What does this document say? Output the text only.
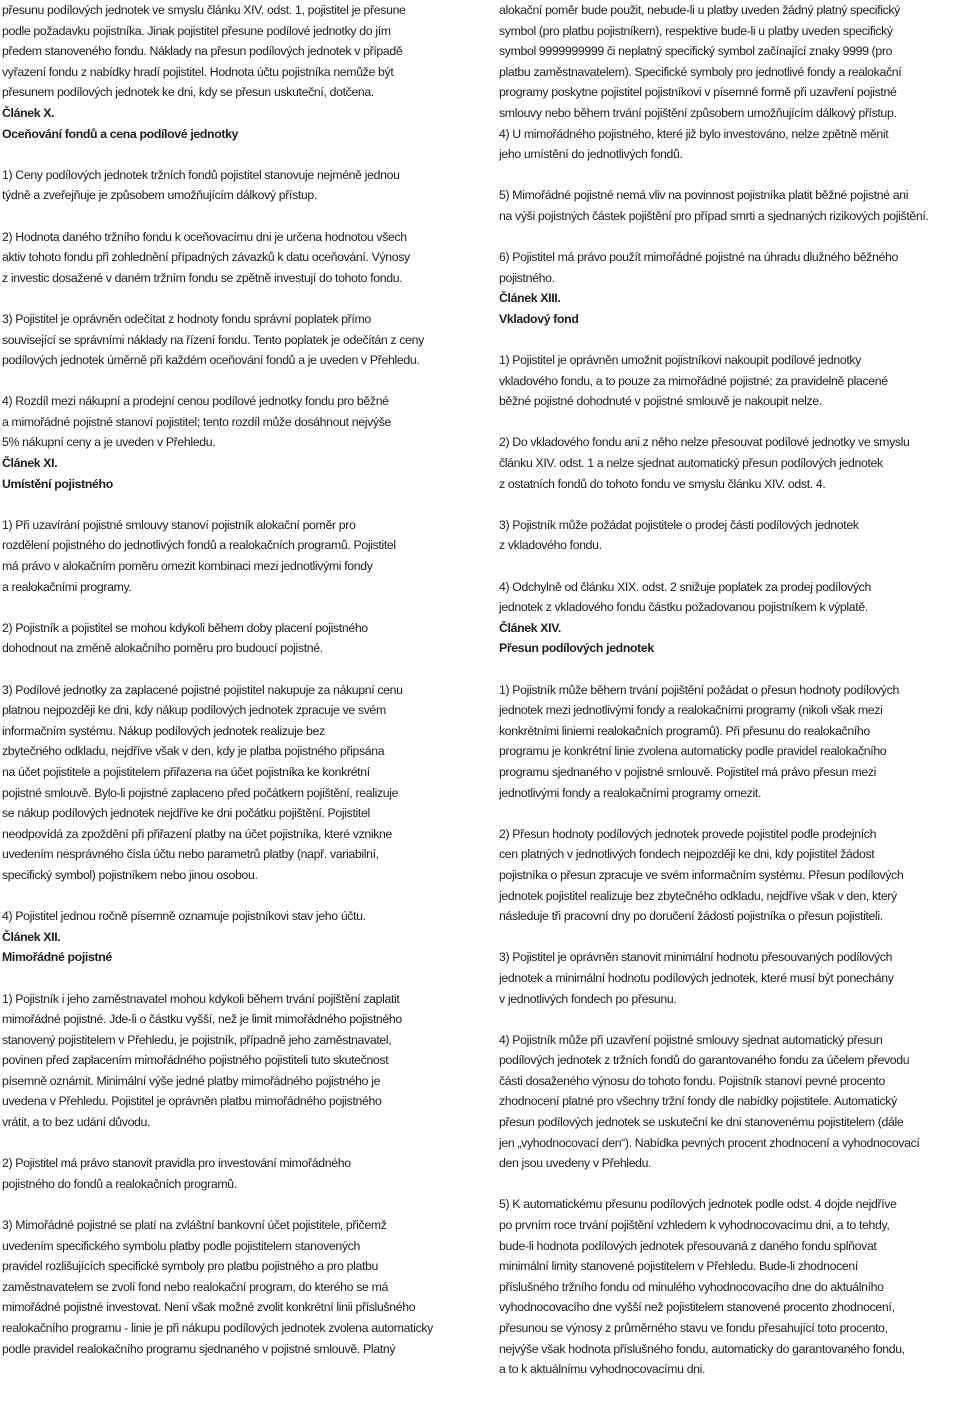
přesunu podílových jednotek ve smyslu článku XIV. odst. 1, pojistitel je přesune
podle požadavku pojistníka. Jinak pojistitel přesune podílové jednotky do jím
předem stanoveného fondu. Náklady na přesun podílových jednotek v případě
vyřazení fondu z nabídky hradí pojistitel. Hodnota účtu pojistníka nemůže být
přesunem podílových jednotek ke dni, kdy se přesun uskuteční, dotčena.

Článek X.

Oceňování fondů a cena podílové jednotky

1) Ceny podílových jednotek tržních fondů pojistitel stanovuje nejméně jednou
týdně a zveřejňuje je způsobem umožňujícím dálkový přístup.

2) Hodnota daného tržního fondu k oceňovacímu dni je určena hodnotou všech
aktiv tohoto fondu při zohlednění případných závazků k datu oceňování. Výnosy
z investic dosažené v daném tržním fondu se zpětně investují do tohoto fondu.

3) Pojistitel je oprávněn odečítat z hodnoty fondu správní poplatek přímo
související se správními náklady na řízení fondu. Tento poplatek je odečítán z ceny
podílových jednotek úměrně při každém oceňování fondů a je uveden v Přehledu.

4) Rozdíl mezi nákupní a prodejní cenou podílové jednotky fondu pro běžné
a mimořádné pojistné stanoví pojistitel; tento rozdíl může dosáhnout nejvýše
5% nákupní ceny a je uveden v Přehledu.

Článek XI.

Umístění pojistného

1) Při uzavírání pojistné smlouvy stanoví pojistník alokační poměr pro
rozdělení pojistného do jednotlivých fondů a realokačních programů. Pojistitel
má právo v alokačním poměru omezit kombinaci mezi jednotlivými fondy
a realokačními programy.

2) Pojistník a pojistitel se mohou kdykoli během doby placení pojistného
dohodnout na změně alokačního poměru pro budoucí pojistné.

3) Podílové jednotky za zaplacené pojistné pojistitel nakupuje za nákupní cenu
platnou nejpozději ke dni, kdy nákup podílových jednotek zpracuje ve svém
informačním systému. Nákup podílových jednotek realizuje bez
zbytečného odkladu, nejdříve však v den, kdy je platba pojistného připsána
na účet pojistitele a pojistitelem přiřazena na účet pojistníka ke konkrétní
pojistné smlouvě. Bylo-li pojistné zaplaceno před počátkem pojištění, realizuje
se nákup podílových jednotek nejdříve ke dni počátku pojištění. Pojistitel
neodpovídá za zpoždění při přiřazení platby na účet pojistníka, které vznikne
uvedením nesprávného čísla účtu nebo parametrů platby (např. variabilní,
specifický symbol) pojistníkem nebo jinou osobou.

4) Pojistitel jednou ročně písemně oznamuje pojistníkovi stav jeho účtu.

Článek XII.

Mimořádné pojistné

1) Pojistník i jeho zaměstnavatel mohou kdykoli během trvání pojištění zaplatit
mimořádné pojistné. Jde-li o částku vyšší, než je limit mimořádného pojistného
stanovený pojistitelem v Přehledu, je pojistník, případně jeho zaměstnavatel,
povinen před zaplacením mimořádného pojistného pojistiteli tuto skutečnost
písemně oznámit. Minimální výše jedné platby mimořádného pojistného je
uvedena v Přehledu. Pojistitel je oprávněn platbu mimořádného pojistného
vrátit, a to bez udání důvodu.

2) Pojistitel má právo stanovit pravidla pro investování mimořádného
pojistného do fondů a realokačních programů.

3) Mimořádné pojistné se platí na zvláštní bankovní účet pojistitele, přičemž
uvedením specifického symbolu platby podle pojistitelem stanovených
pravidel rozlišujících specifické symboly pro platbu pojistného a pro platbu
zaměstnavatelem se zvolí fond nebo realokační program, do kterého se má
mimořádné pojistné investovat. Není však možné zvolit konkrétní linii příslušného
realokačního programu - linie je při nákupu podílových jednotek zvolena automaticky
podle pravidel realokačního programu sjednaného v pojistné smlouvě. Platný

alokační poměr bude použit, nebude-li u platby uveden žádný platný specifický
symbol (pro platbu pojistníkem), respektive bude-li u platby uveden specifický
symbol 9999999999 či neplatný specifický symbol začínající znaky 9999 (pro
platbu zaměstnavatelem). Specifické symboly pro jednotlivé fondy a realokační
programy poskytne pojistitel pojistníkovi v písemné formě při uzavření pojistné
smlouvy nebo během trvání pojištění způsobem umožňujícím dálkový přístup.

4) U mimořádného pojistného, které již bylo investováno, nelze zpětně měnit
jeho umístění do jednotlivých fondů.

5) Mimořádné pojistné nemá vliv na povinnost pojistníka platit běžné pojistné ani
na výši pojistných částek pojištění pro případ smrti a sjednaných rizikových pojištění.

6) Pojistitel má právo použít mimořádné pojistné na úhradu dlužného běžného
pojistného.

Článek XIII.

Vkladový fond

1) Pojistitel je oprávněn umožnit pojistníkovi nakoupit podílové jednotky
vkladového fondu, a to pouze za mimořádné pojistné; za pravidelně placené
běžné pojistné dohodnuté v pojistné smlouvě je nakoupit nelze.

2) Do vkladového fondu ani z něho nelze přesouvat podílové jednotky ve smyslu
článku XIV. odst. 1 a nelze sjednat automatický přesun podílových jednotek
z ostatních fondů do tohoto fondu ve smyslu článku XIV. odst. 4.

3) Pojistník může požádat pojistitele o prodej části podílových jednotek
z vkladového fondu.

4) Odchylně od článku XIX. odst. 2 snižuje poplatek za prodej podílových
jednotek z vkladového fondu částku požadovanou pojistníkem k výplatě.

Článek XIV.

Přesun podílových jednotek

1) Pojistník může během trvání pojištění požádat o přesun hodnoty podílových
jednotek mezi jednotlivými fondy a realokačními programy (nikoli však mezi
konkrétními liniemi realokačních programů). Při přesunu do realokačního
programu je konkrétní linie zvolena automaticky podle pravidel realokačního
programu sjednaného v pojistné smlouvě. Pojistitel má právo přesun mezi
jednotlivými fondy a realokačními programy omezit.

2) Přesun hodnoty podílových jednotek provede pojistitel podle prodejních
cen platných v jednotlivých fondech nejpozději ke dni, kdy pojistitel žádost
pojistníka o přesun zpracuje ve svém informačním systému. Přesun podílových
jednotek pojistitel realizuje bez zbytečného odkladu, nejdříve však v den, který
následuje tři pracovní dny po doručení žádosti pojistníka o přesun pojistiteli.

3) Pojistitel je oprávněn stanovit minimální hodnotu přesouvaných podílových
jednotek a minimální hodnotu podílových jednotek, které musí být ponechány
v jednotlivých fondech po přesunu.

4) Pojistník může při uzavření pojistné smlouvy sjednat automatický přesun
podílových jednotek z tržních fondů do garantovaného fondu za účelem převodu
části dosaženého výnosu do tohoto fondu. Pojistník stanoví pevné procento
zhodnocení platné pro všechny tržní fondy dle nabídky pojistitele. Automatický
přesun podílových jednotek se uskuteční ke dni stanovenému pojistitelem (dále
jen „vyhodnocovací den“). Nabídka pevných procent zhodnocení a vyhodnocovací
den jsou uvedeny v Přehledu.

5) K automatickému přesunu podílových jednotek podle odst. 4 dojde nejdříve
po prvním roce trvání pojištění vzhledem k vyhodnocovacímu dni, a to tehdy,
bude-li hodnota podílových jednotek přesouvaná z daného fondu splňovat
minimální limity stanovené pojistitelem v Přehledu. Bude-li zhodnocení
příslušného tržního fondu od minulého vyhodnocovacího dne do aktuálního
vyhodnocovacího dne vyšší než pojistitelem stanovené procento zhodnocení,
přesunou se výnosy z průměrného stavu ve fondu přesahující toto procento,
nejvýše však hodnota příslušného fondu, automaticky do garantovaného fondu,
a to k aktuálnímu vyhodnocovacímu dni.
